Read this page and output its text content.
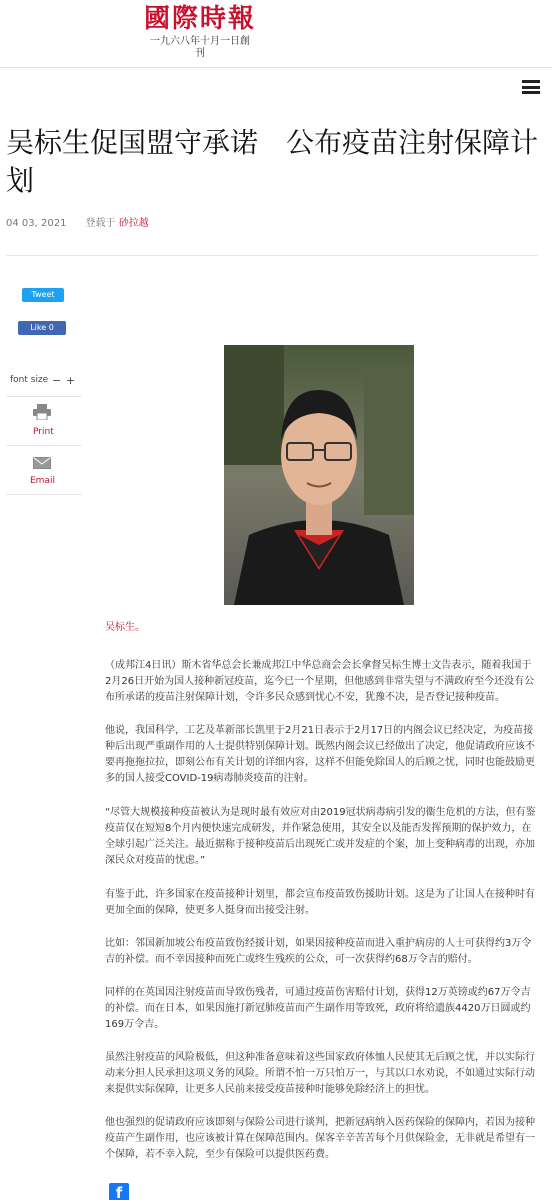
國際時報
一九六八年十月一日創刊
吴标生促国盟守承诺　公布疫苗注射保障计划
04 03, 2021 登载于 砂拉越
Tweet
Like 0
font size − +
Print
Email
吴标生。

（成邦江4日讯）斯木省华总会长兼成邦江中华总商会会长拿督吴标生博士文告表示，随着我国于2月26日开始为国人接种新冠疫苗，迄今已一个星期，但他感到非常失望与不满政府至今还没有公布所承诺的疫苗注射保障计划，令许多民众感到忧心不安，犹豫不决，是否登记接种疫苗。

他说，我国科学，工艺及革新部长凯里于2月21日表示于2月17日的内阁会议已经决定，为疫苗接种后出现严重副作用的人士提供特别保障计划。既然内阁会议已经做出了决定，他促请政府应该不要再拖拖拉拉，即刻公布有关计划的详细内容，这样不但能免除国人的后顾之忧，同时也能鼓励更多的国人接受COVID-19病毒肺炎疫苗的注射。

“尽管大规模接种疫苗被认为是现时最有效应对由2019冠状病毒病引发的衞生危机的方法，但有鉴疫苗仅在短短8个月内便快速完成研发，并作紧急使用，其安全以及能否发挥预期的保护效力，在全球引起广泛关注。最近据称于接种疫苗后出现死亡或并发症的个案，加上变种病毒的出现，亦加深民众对疫苗的忧虑。”

有鉴于此，许多国家在疫苗接种计划里，都会宣布疫苗致伤援助计划。这是为了让国人在接种时有更加全面的保障，使更多人挺身而出接受注射。

比如：邻国新加坡公布疫苗致伤经援计划，如果因接种疫苗而进入重护病房的人士可获得约3万令吉的补偿。而不幸因接种而死亡或终生残疾的公众，可一次获得约68万令吉的赔付。

同样的在英国因注射疫苗而导致伤残者，可通过疫苗伤害赔付计划，获得12万英镑或约67万令吉的补偿。而在日本，如果因施打新冠肺疫苗而产生副作用等致死，政府将给遗族4420万日圆或约169万令吉。

虽然注射疫苗的风险极低，但这种准备意味着这些国家政府体恤人民使其无后顾之忧，并以实际行动来分担人民承担这项义务的风险。所谓不怕一万只怕万一，与其以口水劝说，不如通过实际行动来提供实际保障，让更多人民前来接受疫苗接种时能够免除经济上的担忧。

他也强烈的促请政府应该即刻与保险公司进行谈判，把新冠病纳入医药保险的保障内，若因为接种疫苗产生副作用，也应该被计算在保障范围内。保客辛辛苦苦每个月供保险金，无非就是希望有一个保障，若不幸入院，至少有保险可以提供医药费。

f
